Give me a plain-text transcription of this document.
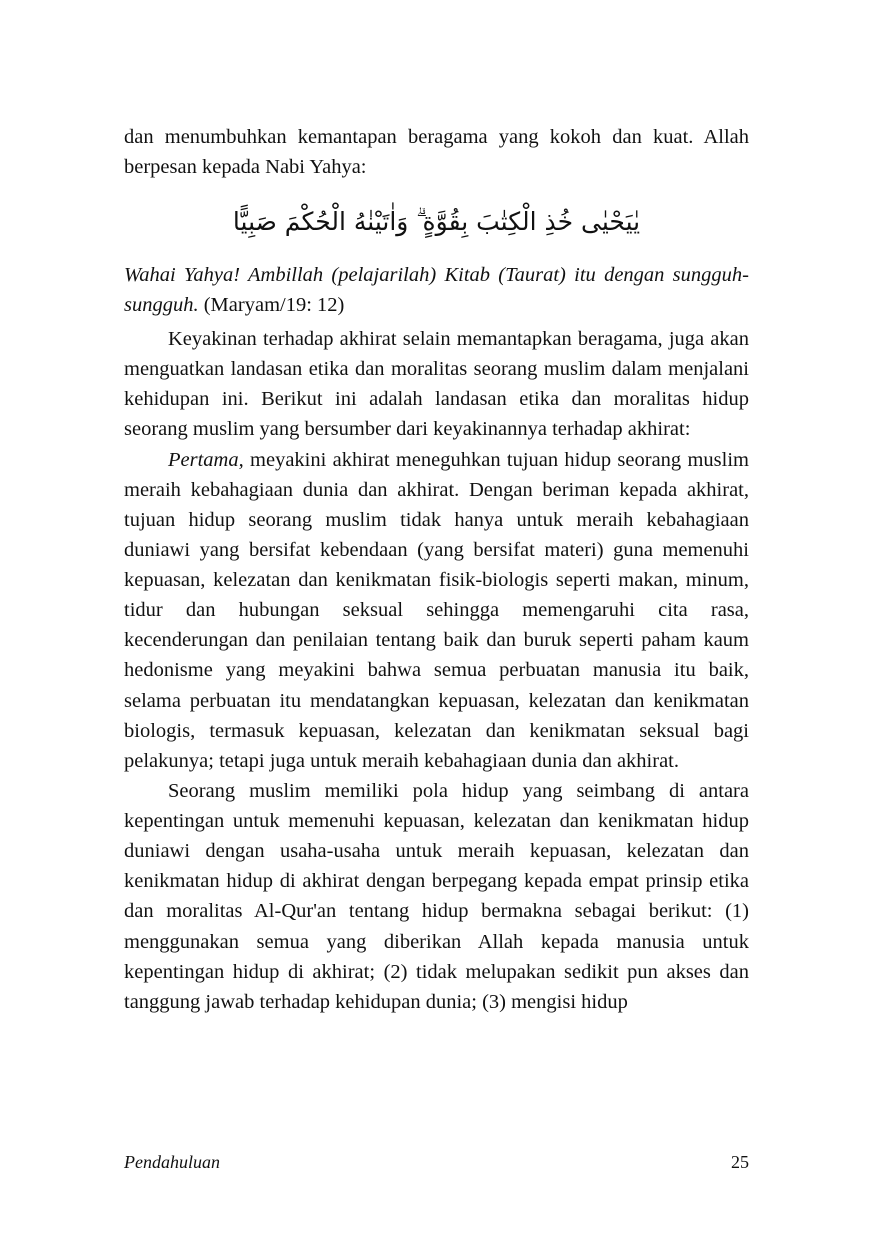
dan menumbuhkan kemantapan beragama yang kokoh dan kuat. Allah berpesan kepada Nabi Yahya:

يٰيَحْيٰى خُذِ الْكِتٰبَ بِقُوَّةٍ ۗ وَاٰتَيْنٰهُ الْحُكْمَ صَبِيًّا

Wahai Yahya! Ambillah (pelajarilah) Kitab (Taurat) itu dengan sungguh-sungguh. (Maryam/19: 12)

Keyakinan terhadap akhirat selain memantapkan beragama, juga akan menguatkan landasan etika dan moralitas seorang muslim dalam menjalani kehidupan ini. Berikut ini adalah landasan etika dan moralitas hidup seorang muslim yang bersumber dari keyakinannya terhadap akhirat:

Pertama, meyakini akhirat meneguhkan tujuan hidup seorang muslim meraih kebahagiaan dunia dan akhirat. Dengan beriman kepada akhirat, tujuan hidup seorang muslim tidak hanya untuk meraih kebahagiaan duniawi yang bersifat kebendaan (yang bersifat materi) guna memenuhi kepuasan, kelezatan dan kenikmatan fisik-biologis seperti makan, minum, tidur dan hubungan seksual sehingga memengaruhi cita rasa, kecenderungan dan penilaian tentang baik dan buruk seperti paham kaum hedonisme yang meyakini bahwa semua perbuatan manusia itu baik, selama perbuatan itu mendatangkan kepuasan, kelezatan dan kenikmatan biologis, termasuk kepuasan, kelezatan dan kenikmatan seksual bagi pelakunya; tetapi juga untuk meraih kebahagiaan dunia dan akhirat.

Seorang muslim memiliki pola hidup yang seimbang di antara kepentingan untuk memenuhi kepuasan, kelezatan dan kenikmatan hidup duniawi dengan usaha-usaha untuk meraih kepuasan, kelezatan dan kenikmatan hidup di akhirat dengan berpegang kepada empat prinsip etika dan moralitas Al-Qur'an tentang hidup bermakna sebagai berikut: (1) menggunakan semua yang diberikan Allah kepada manusia untuk kepentingan hidup di akhirat; (2) tidak melupakan sedikit pun akses dan tanggung jawab terhadap kehidupan dunia; (3) mengisi hidup

Pendahuluan	25
